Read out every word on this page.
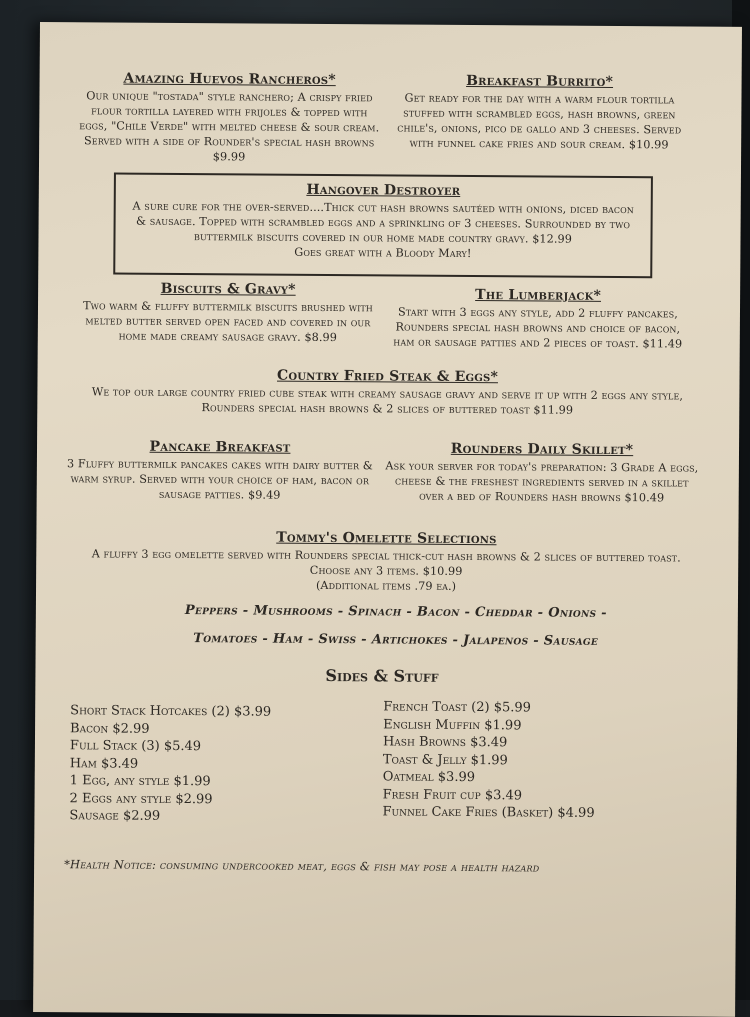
Amazing Huevos Rancheros*
Our unique "tostada" style ranchero; A crispy fried flour tortilla layered with frijoles & topped with eggs, "Chile Verde" with melted cheese & sour cream. Served with a side of Rounder's special hash browns $9.99
Breakfast Burrito*
Get ready for the day with a warm flour tortilla stuffed with scrambled eggs, hash browns, green chile's, onions, pico de gallo and 3 cheeses. Served with funnel cake fries and sour cream. $10.99
Hangover Destroyer
A sure cure for the over-served....Thick cut hash browns sautéed with onions, diced bacon & sausage. Topped with scrambled eggs and a sprinkling of 3 cheeses. Surrounded by two buttermilk biscuits covered in our home made country gravy. $12.99
Goes great with a Bloody Mary!
Biscuits & Gravy*
Two warm & fluffy buttermilk biscuits brushed with melted butter served open faced and covered in our home made creamy sausage gravy. $8.99
The Lumberjack*
Start with 3 eggs any style, add 2 fluffy pancakes, Rounders special hash browns and choice of bacon, ham or sausage patties and 2 pieces of toast. $11.49
Country Fried Steak & Eggs*
We top our large country fried cube steak with creamy sausage gravy and serve it up with 2 eggs any style, Rounders special hash browns & 2 slices of buttered toast $11.99
Pancake Breakfast
3 Fluffy buttermilk pancakes cakes with dairy butter & warm syrup. Served with your choice of ham, bacon or sausage patties. $9.49
Rounders Daily Skillet*
Ask your server for today's preparation: 3 Grade A eggs, cheese & the freshest ingredients served in a skillet over a bed of Rounders hash browns $10.49
Tommy's Omelette Selections
A fluffy 3 egg omelette served with Rounders special thick-cut hash browns & 2 slices of buttered toast. Choose any 3 items. $10.99
(Additional items .79 ea.)
Peppers - Mushrooms - Spinach - Bacon - Cheddar - Onions -
Tomatoes - Ham - Swiss - Artichokes - Jalapenos - Sausage
Sides & Stuff
Short Stack Hotcakes (2) $3.99
Bacon $2.99
Full Stack (3) $5.49
Ham $3.49
1 Egg, any style $1.99
2 Eggs any style $2.99
Sausage $2.99
French Toast (2) $5.99
English Muffin $1.99
Hash Browns $3.49
Toast & Jelly $1.99
Oatmeal $3.99
Fresh Fruit cup $3.49
Funnel Cake Fries (Basket) $4.99
*Health Notice: consuming undercooked meat, eggs & fish may pose a health hazard
